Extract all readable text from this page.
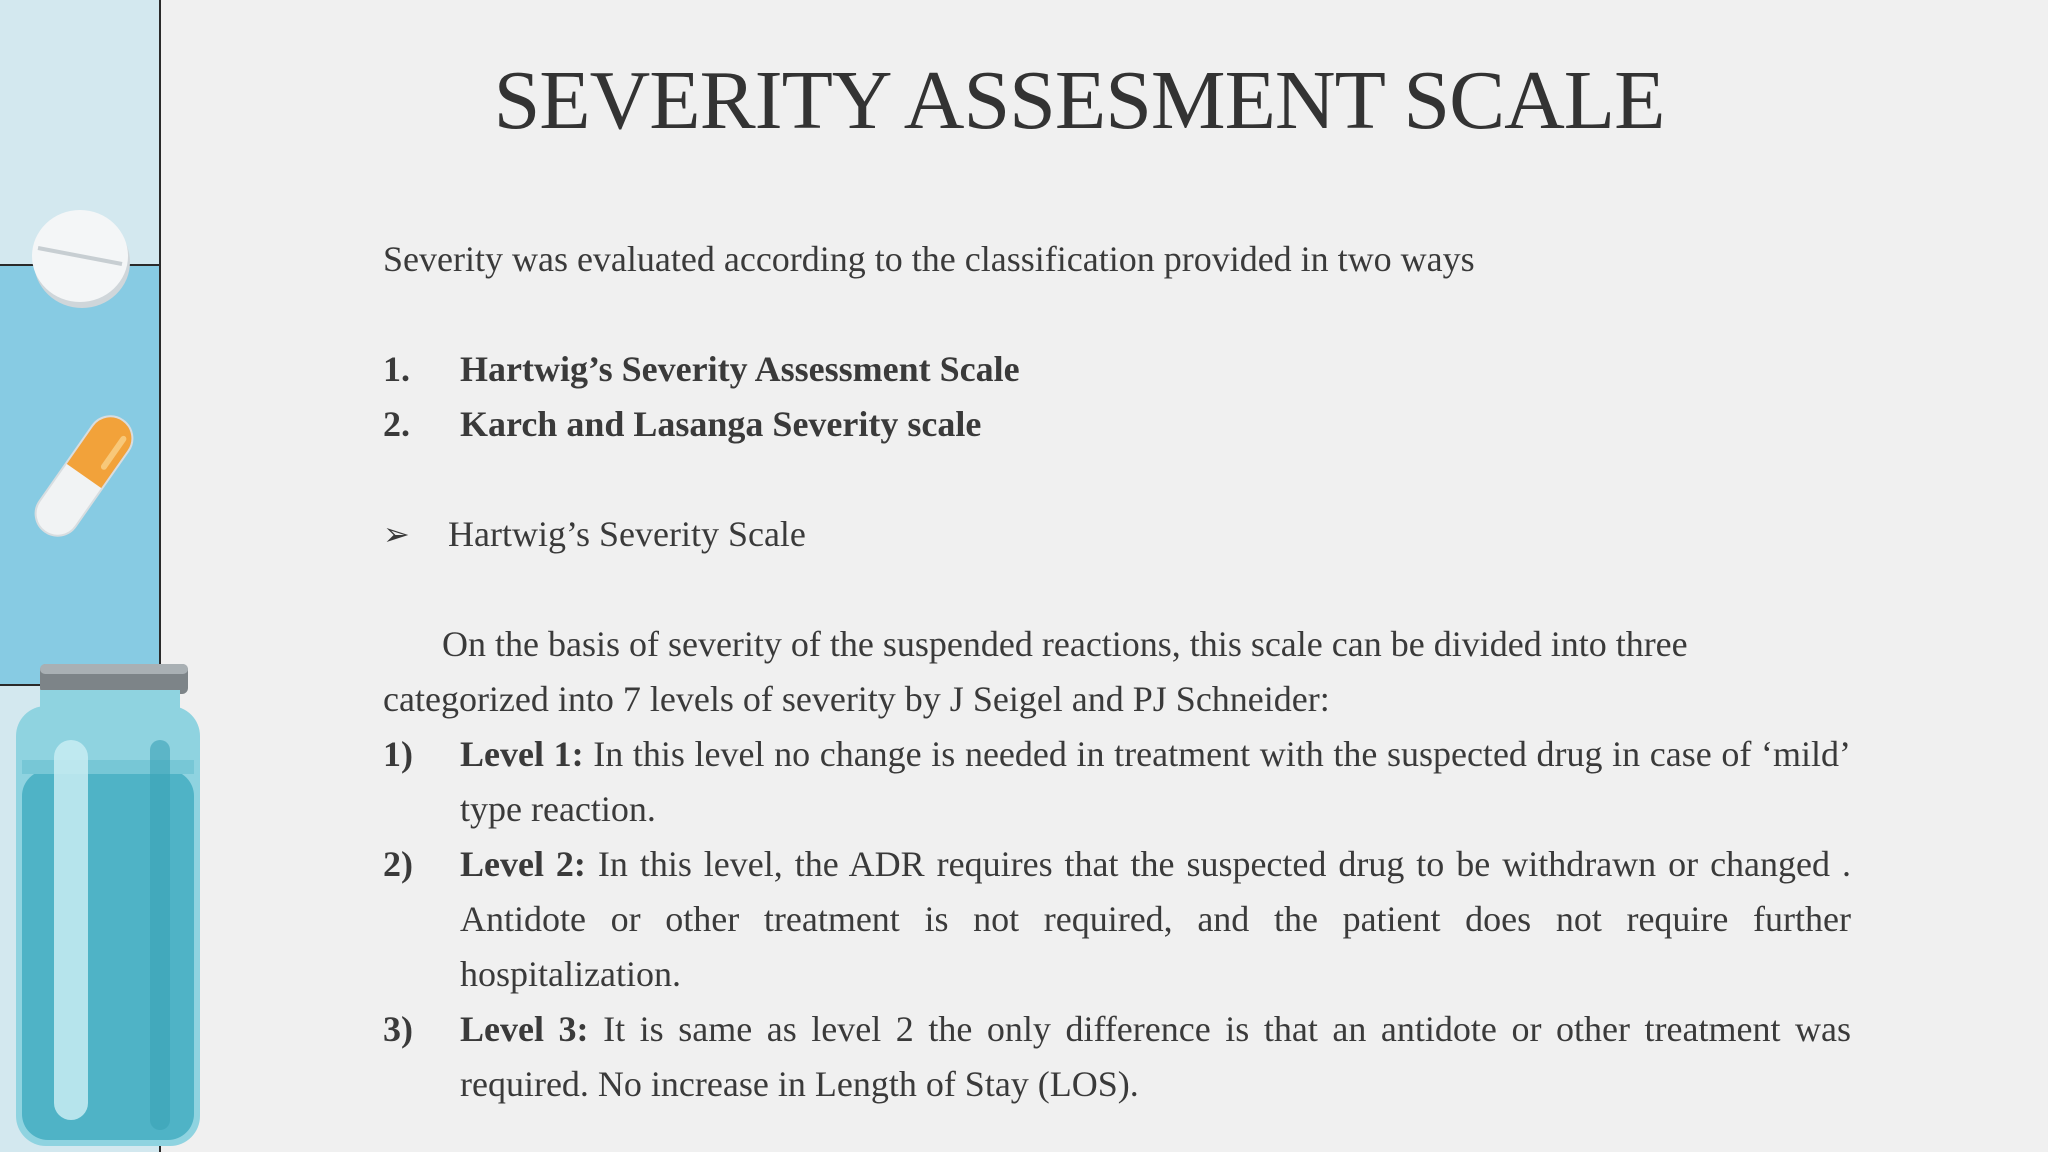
SEVERITY ASSESMENT SCALE
Severity was evaluated according to the classification provided in two ways
1.	Hartwig’s Severity Assessment Scale
2.	Karch and Lasanga Severity scale
➢	Hartwig’s Severity Scale
On the basis of severity of the suspended reactions, this scale can be divided into three
categorized into 7 levels of severity by J Seigel and PJ Schneider:
1)	Level 1: In this level no change is needed in treatment with the suspected drug in case of ‘mild’ type reaction.
2)	Level 2: In this level, the ADR requires that the suspected drug to be withdrawn or changed . Antidote or other treatment is not required, and the patient does not require further hospitalization.
3)	Level 3: It is same as level 2 the only difference is that an antidote or other treatment was required. No increase in Length of Stay (LOS).
